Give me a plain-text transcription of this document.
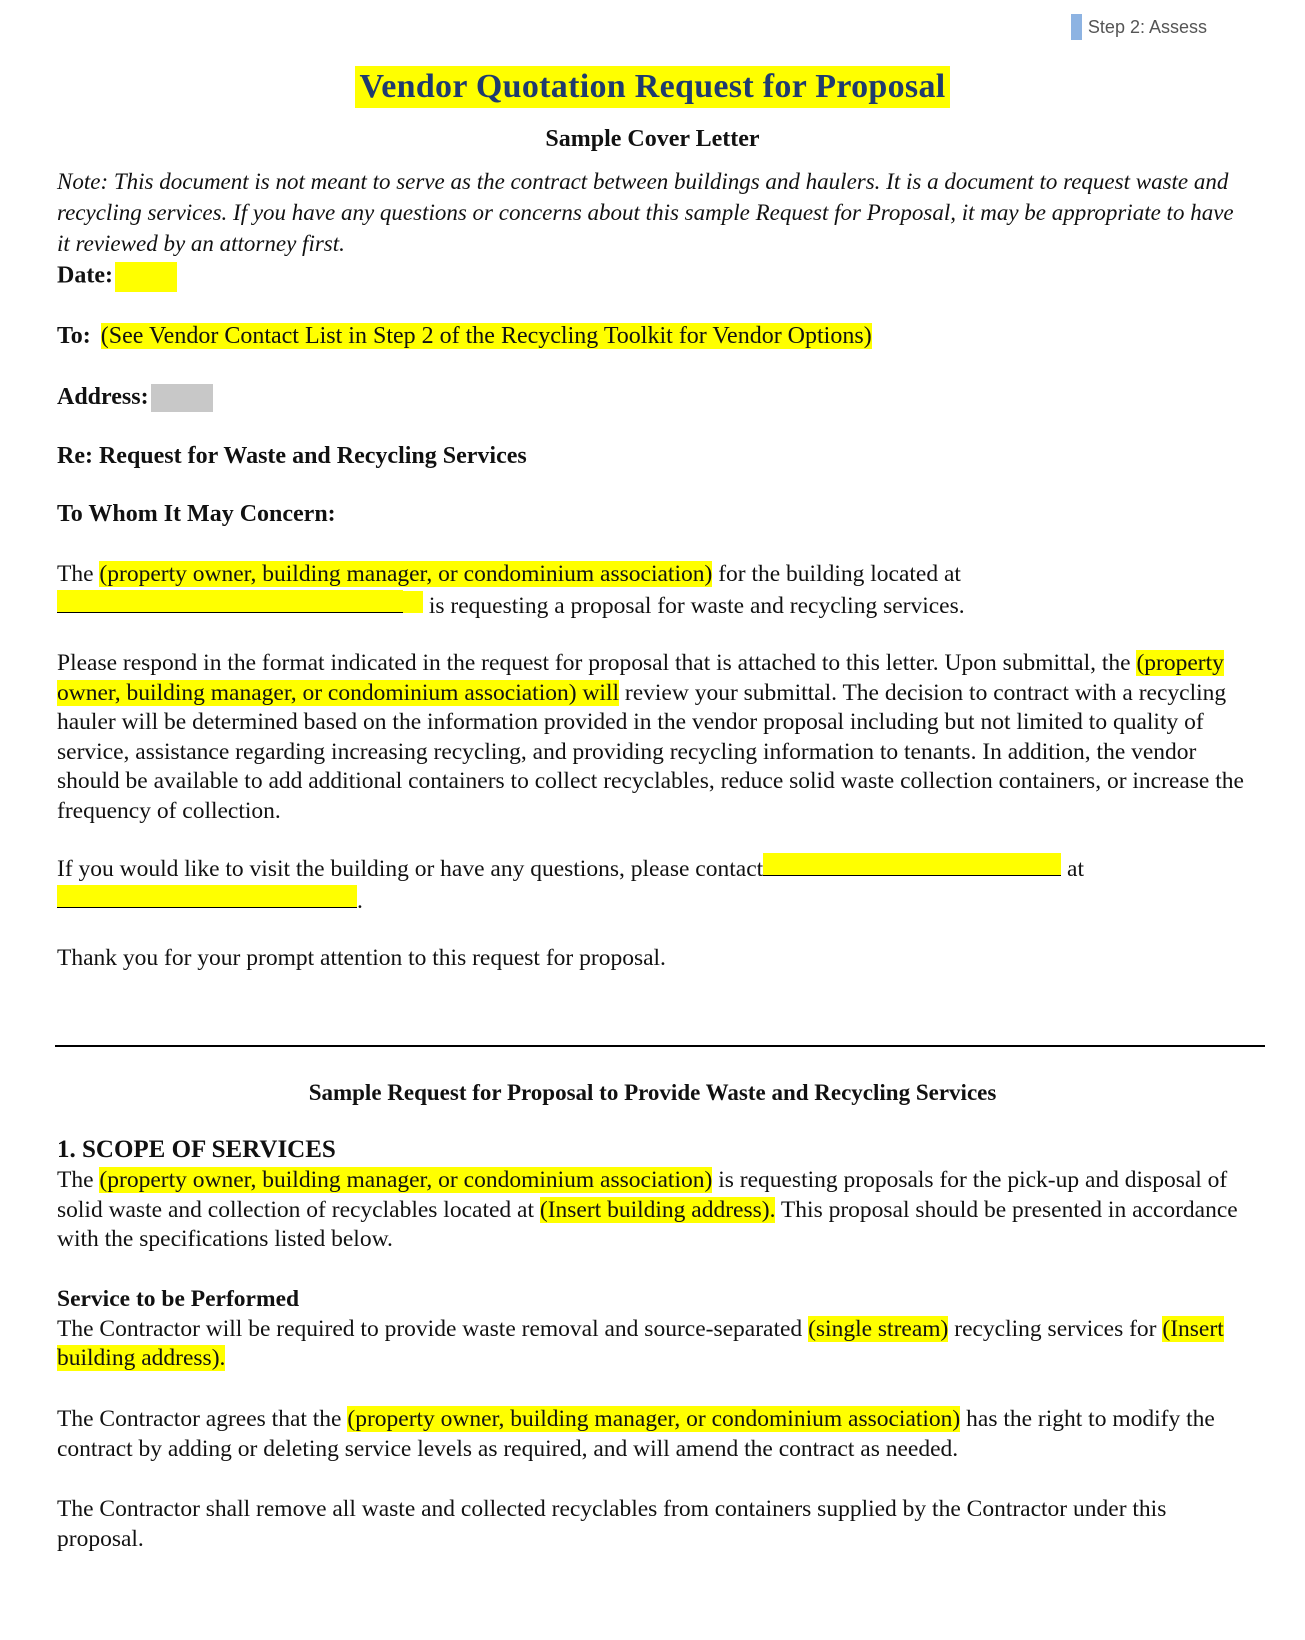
Step 2: Assess
Vendor Quotation Request for Proposal
Sample Cover Letter
Note: This document is not meant to serve as the contract between buildings and haulers. It is a document to request waste and recycling services. If you have any questions or concerns about this sample Request for Proposal, it may be appropriate to have it reviewed by an attorney first.
Date:
To: (See Vendor Contact List in Step 2 of the Recycling Toolkit for Vendor Options)
Address:
Re: Request for Waste and Recycling Services
To Whom It May Concern:
The (property owner, building manager, or condominium association) for the building located at
is requesting a proposal for waste and recycling services.
Please respond in the format indicated in the request for proposal that is attached to this letter. Upon submittal, the (property owner, building manager, or condominium association) will review your submittal. The decision to contract with a recycling hauler will be determined based on the information provided in the vendor proposal including but not limited to quality of service, assistance regarding increasing recycling, and providing recycling information to tenants. In addition, the vendor should be available to add additional containers to collect recyclables, reduce solid waste collection containers, or increase the frequency of collection.
If you would like to visit the building or have any questions, please contact	at
.
Thank you for your prompt attention to this request for proposal.
Sample Request for Proposal to Provide Waste and Recycling Services
1. SCOPE OF SERVICES
The (property owner, building manager, or condominium association) is requesting proposals for the pick-up and disposal of solid waste and collection of recyclables located at (Insert building address). This proposal should be presented in accordance with the specifications listed below.
Service to be Performed
The Contractor will be required to provide waste removal and source-separated (single stream) recycling services for (Insert building address).
The Contractor agrees that the (property owner, building manager, or condominium association) has the right to modify the contract by adding or deleting service levels as required, and will amend the contract as needed.
The Contractor shall remove all waste and collected recyclables from containers supplied by the Contractor under this proposal.
